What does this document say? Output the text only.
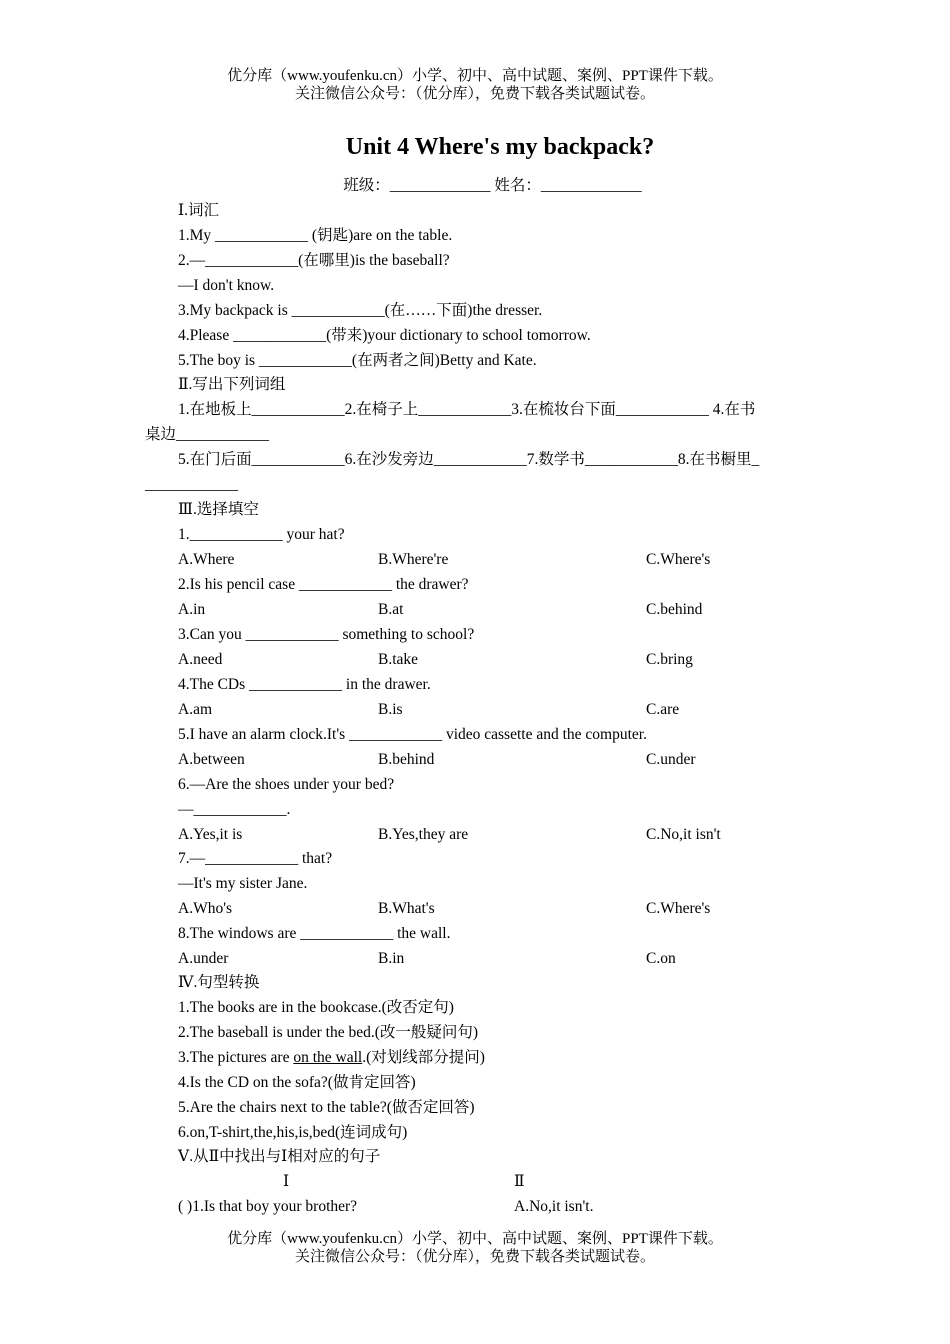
优分库（www.youfenku.cn）小学、初中、高中试题、案例、PPT课件下载。
关注微信公众号：（优分库），免费下载各类试题试卷。
Unit 4 Where's my backpack?
班级：_____________ 姓名：_____________
Ⅰ.词汇
1.My ____________ (钥匙)are on the table.
2.—____________(在哪里)is the baseball?
—I don't know.
3.My backpack is ____________(在……下面)the dresser.
4.Please ____________(带来)your dictionary to school tomorrow.
5.The boy is ____________(在两者之间)Betty and Kate.
Ⅱ.写出下列词组
1.在地板上____________2.在椅子上____________3.在梳妆台下面____________ 4.在书
桌边____________
5.在门后面____________6.在沙发旁边____________7.数学书____________8.在书橱里_
____________
Ⅲ.选择填空
1.____________ your hat?
A.Where	B.Where're	C.Where's
2.Is his pencil case ____________ the drawer?
A.in	B.at	C.behind
3.Can you ____________ something to school?
A.need	B.take	C.bring
4.The CDs ____________ in the drawer.
A.am	B.is	C.are
5.I have an alarm clock.It's ____________ video cassette and the computer.
A.between	B.behind	C.under
6.—Are the shoes under your bed?
—____________.
A.Yes,it is	B.Yes,they are	C.No,it isn't
7.—____________ that?
—It's my sister Jane.
A.Who's	B.What's	C.Where's
8.The windows are ____________ the wall.
A.under	B.in	C.on
Ⅳ.句型转换
1.The books are in the bookcase.(改否定句)
2.The baseball is under the bed.(改一般疑问句)
3.The pictures are on the wall.(对划线部分提问)
4.Is the CD on the sofa?(做肯定回答)
5.Are the chairs next to the table?(做否定回答)
6.on,T-shirt,the,his,is,bed(连词成句)
Ⅴ.从Ⅱ中找出与Ⅰ相对应的句子
Ⅰ	Ⅱ
( )1.Is that boy your brother?	A.No,it isn't.
优分库（www.youfenku.cn）小学、初中、高中试题、案例、PPT课件下载。
关注微信公众号：（优分库），免费下载各类试题试卷。
